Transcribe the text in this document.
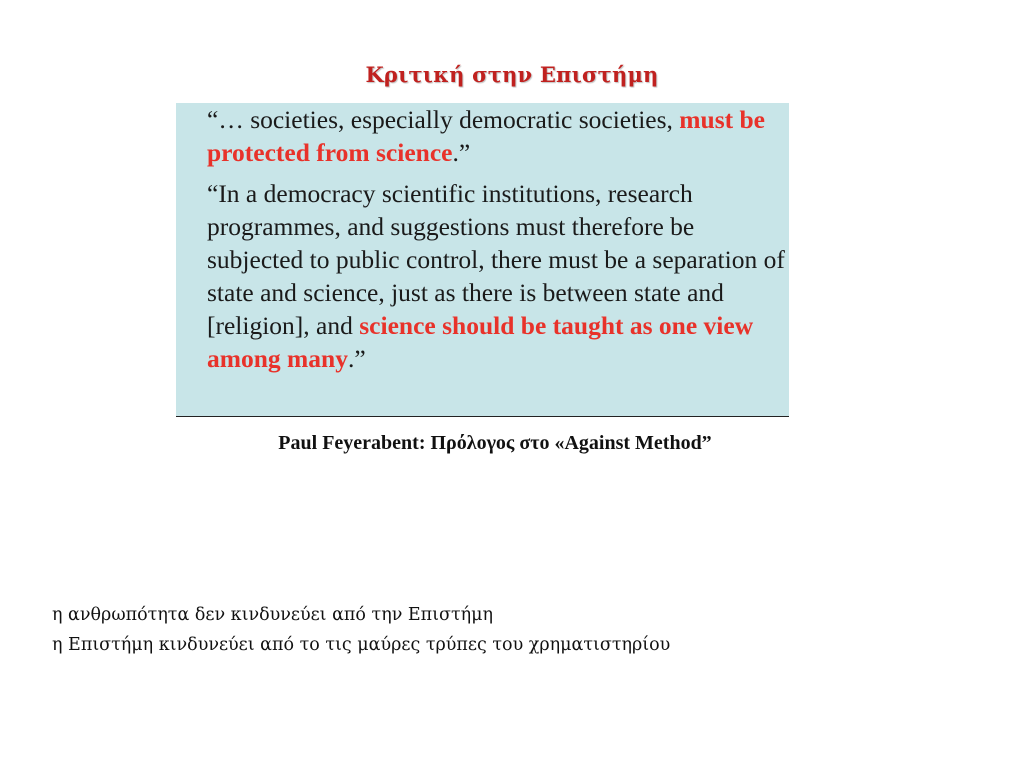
Κριτική στην Επιστήμη

“… societies, especially democratic societies, must be protected from science.”

“In a democracy scientific institutions, research programmes, and suggestions must therefore be subjected to public control, there must be a separation of state and science, just as there is between state and [religion], and science should be taught as one view among many.”

Paul Feyerabent: Πρόλογος στο «Against Method”
η ανθρωπότητα δεν κινδυνεύει από την Επιστήμη
η Επιστήμη κινδυνεύει από το τις μαύρες τρύπες του χρηματιστηρίου
